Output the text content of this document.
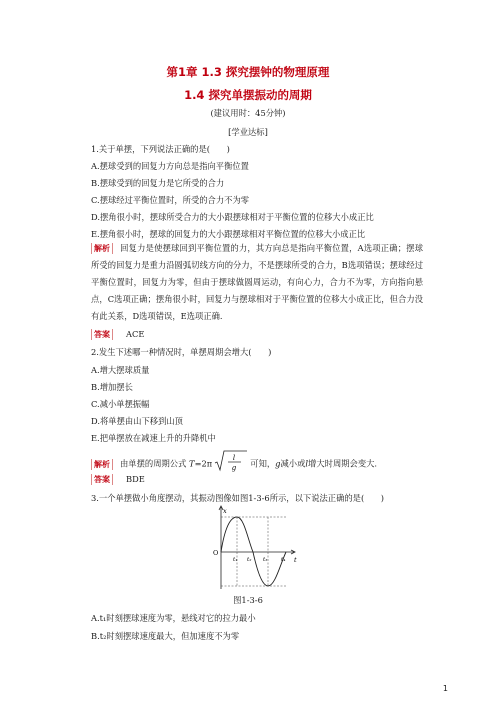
第1章 1.3 探究摆钟的物理原理
1.4 探究单摆振动的周期
(建议用时：45分钟)
[学业达标]
1.关于单摆，下列说法正确的是(　　)
A.摆球受到的回复力方向总是指向平衡位置
B.摆球受到的回复力是它所受的合力
C.摆球经过平衡位置时，所受的合力不为零
D.摆角很小时，摆球所受合力的大小跟摆球相对于平衡位置的位移大小成正比
E.摆角很小时，摆球的回复力的大小跟摆球相对平衡位置的位移大小成正比
解析 回复力是使摆球回到平衡位置的力，其方向总是指向平衡位置，A选项正确；摆球所受的回复力是重力沿圆弧切线方向的分力，不是摆球所受的合力，B选项错误；摆球经过平衡位置时，回复力为零，但由于摆球做圆周运动，有向心力，合力不为零，方向指向悬点，C选项正确；摆角很小时，回复力与摆球相对于平衡位置的位移大小成正比，但合力没有此关系，D选项错误，E选项正确.
答案 ACE
2.发生下述哪一种情况时，单摆周期会增大(　　)
A.增大摆球质量
B.增加摆长
C.减小单摆振幅
D.将单摆由山下移到山顶
E.把单摆放在减速上升的升降机中
解析 由单摆的周期公式 T=2π
l
g 可知，g减小或l增大时周期会变大.
答案 BDE
3.一个单摆做小角度摆动，其振动图像如图1-3-6所示，以下说法正确的是(　　)
x
O
t
t₁ t₂ t₃ t₄
图1-3-6
A.t₁时刻摆球速度为零，悬线对它的拉力最小
B.t₂时刻摆球速度最大，但加速度不为零
1
